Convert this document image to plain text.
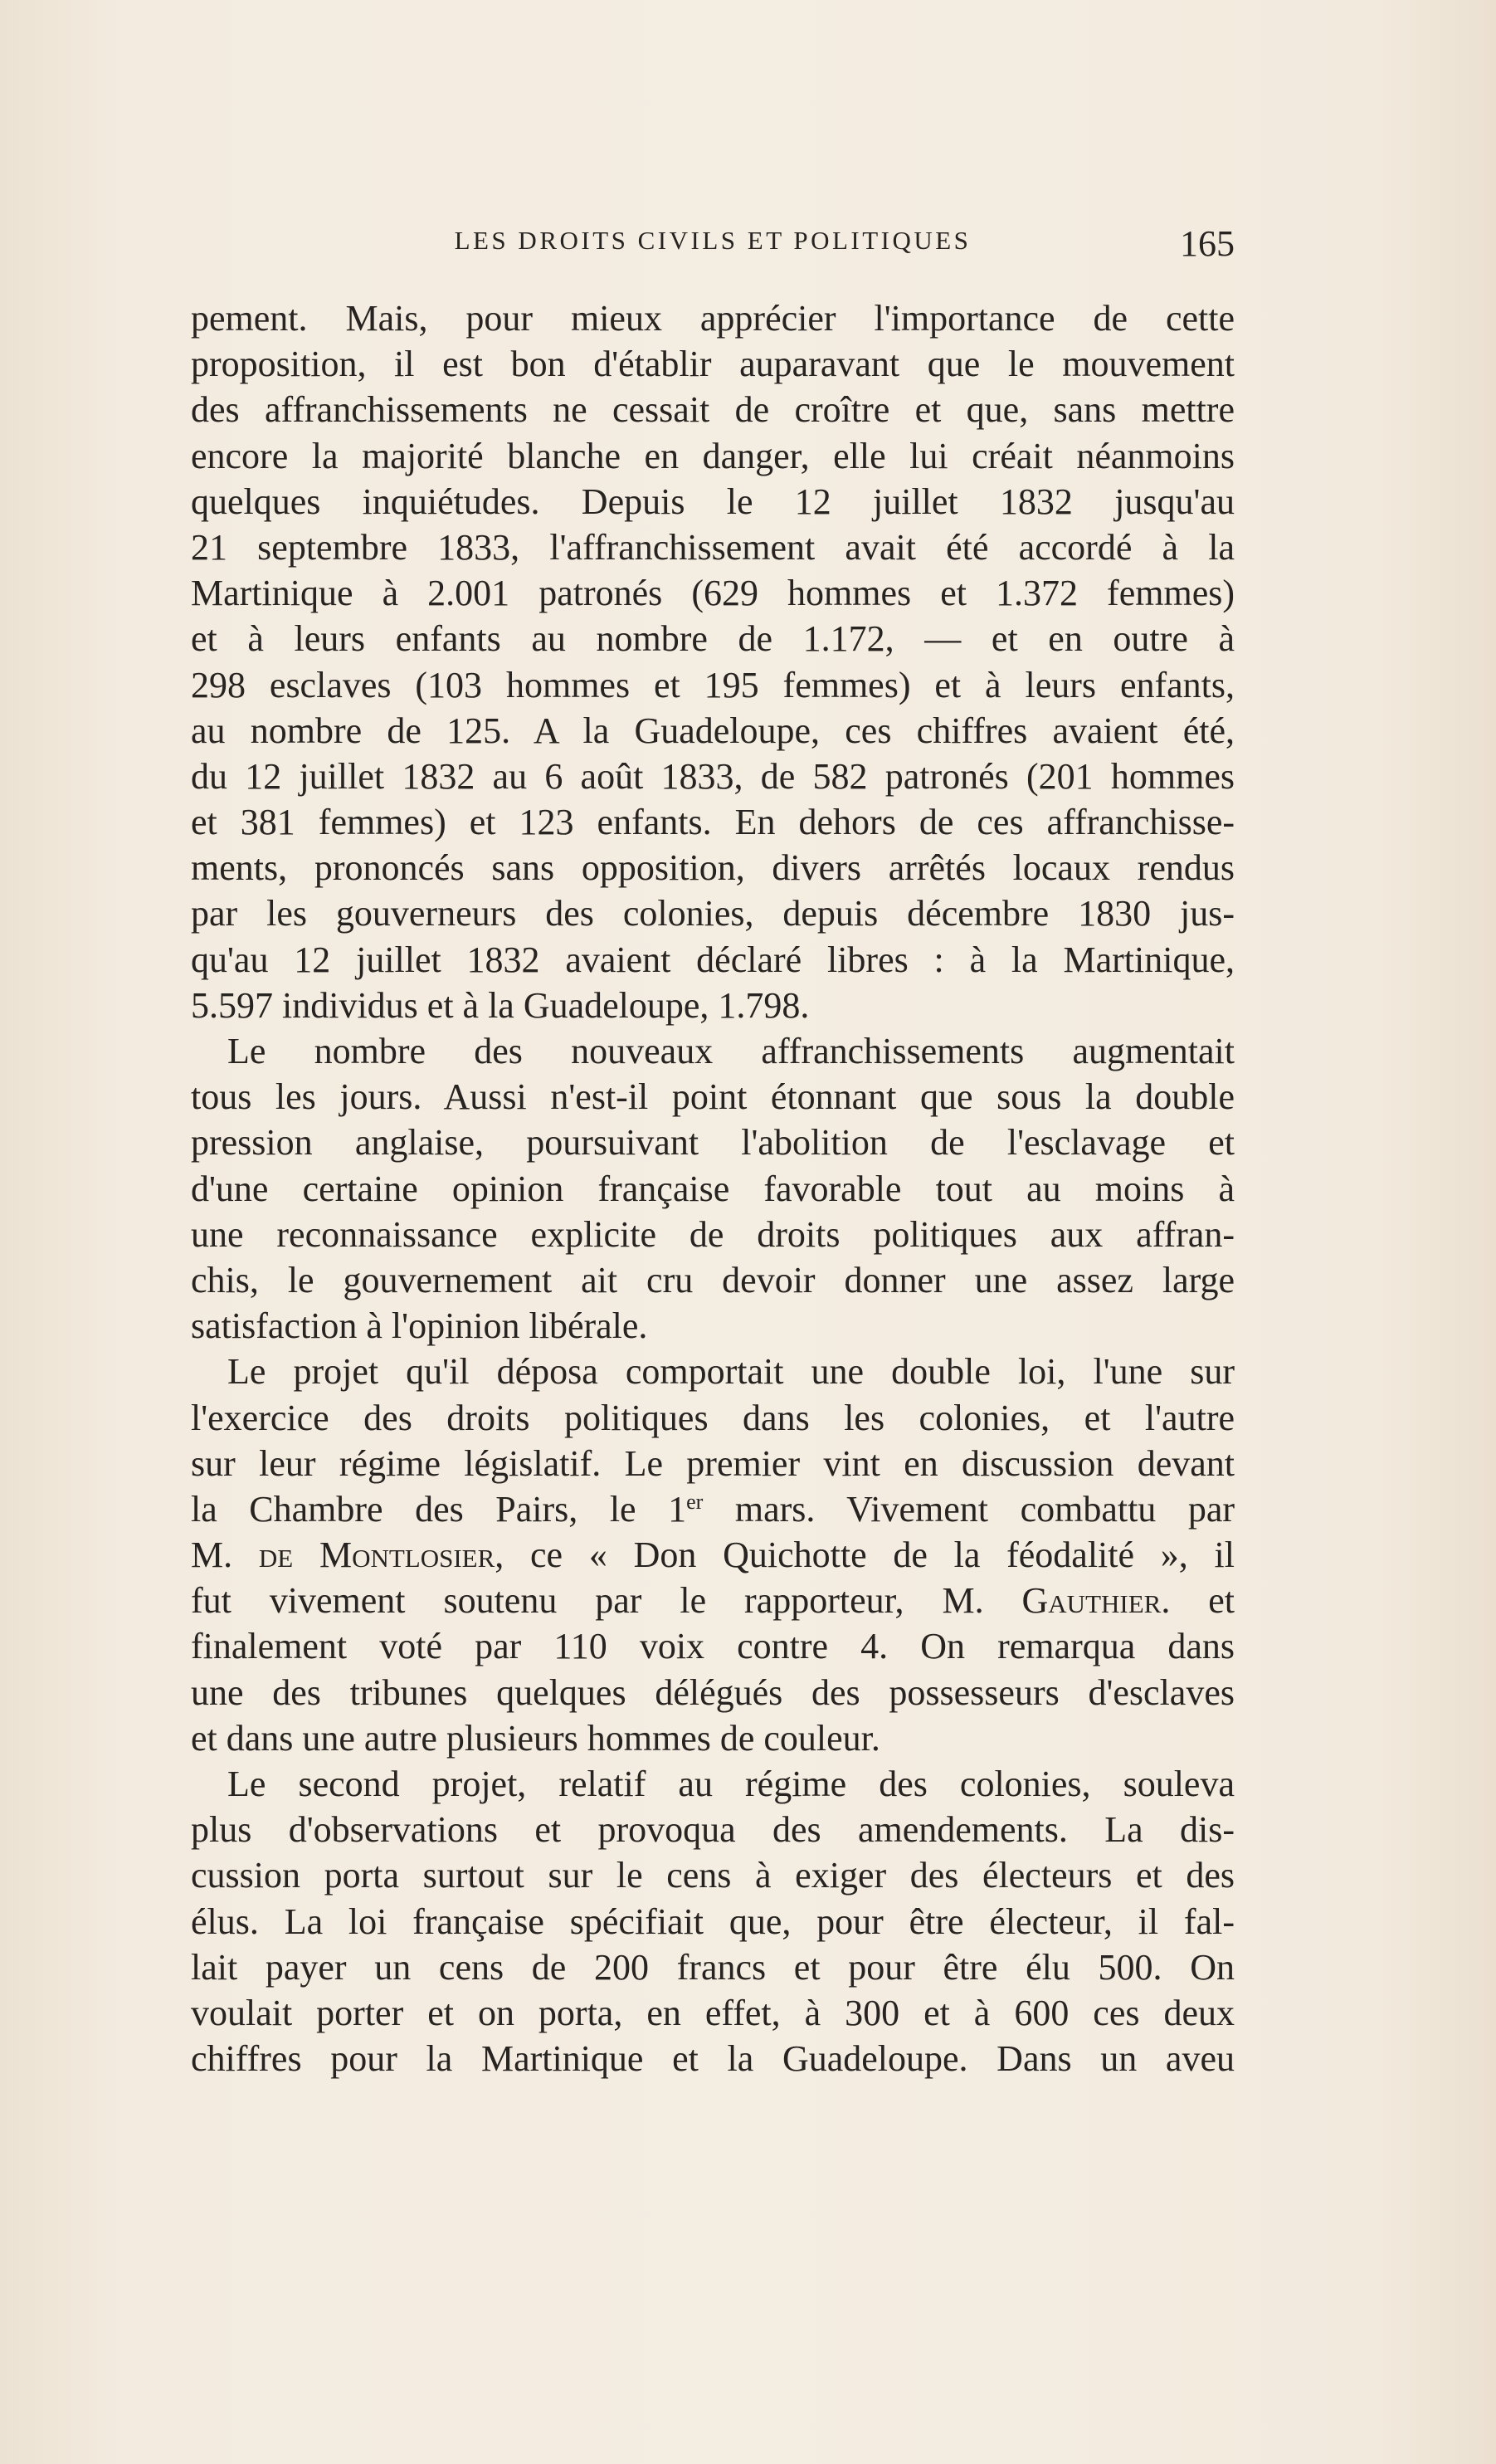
LES DROITS CIVILS ET POLITIQUES	165
pement. Mais, pour mieux apprécier l'importance de cette
proposition, il est bon d'établir auparavant que le mouvement
des affranchissements ne cessait de croître et que, sans mettre
encore la majorité blanche en danger, elle lui créait néanmoins
quelques inquiétudes. Depuis le 12 juillet 1832 jusqu'au
21 septembre 1833, l'affranchissement avait été accordé à la
Martinique à 2.001 patronés (629 hommes et 1.372 femmes)
et à leurs enfants au nombre de 1.172, — et en outre à
298 esclaves (103 hommes et 195 femmes) et à leurs enfants,
au nombre de 125. A la Guadeloupe, ces chiffres avaient été,
du 12 juillet 1832 au 6 août 1833, de 582 patronés (201 hommes
et 381 femmes) et 123 enfants. En dehors de ces affranchisse-
ments, prononcés sans opposition, divers arrêtés locaux rendus
par les gouverneurs des colonies, depuis décembre 1830 jus-
qu'au 12 juillet 1832 avaient déclaré libres : à la Martinique,
5.597 individus et à la Guadeloupe, 1.798.
Le nombre des nouveaux affranchissements augmentait
tous les jours. Aussi n'est-il point étonnant que sous la double
pression anglaise, poursuivant l'abolition de l'esclavage et
d'une certaine opinion française favorable tout au moins à
une reconnaissance explicite de droits politiques aux affran-
chis, le gouvernement ait cru devoir donner une assez large
satisfaction à l'opinion libérale.
Le projet qu'il déposa comportait une double loi, l'une sur
l'exercice des droits politiques dans les colonies, et l'autre
sur leur régime législatif. Le premier vint en discussion devant
la Chambre des Pairs, le 1er mars. Vivement combattu par
M. de Montlosier, ce « Don Quichotte de la féodalité », il
fut vivement soutenu par le rapporteur, M. Gauthier. et
finalement voté par 110 voix contre 4. On remarqua dans
une des tribunes quelques délégués des possesseurs d'esclaves
et dans une autre plusieurs hommes de couleur.
Le second projet, relatif au régime des colonies, souleva
plus d'observations et provoqua des amendements. La dis-
cussion porta surtout sur le cens à exiger des électeurs et des
élus. La loi française spécifiait que, pour être électeur, il fal-
lait payer un cens de 200 francs et pour être élu 500. On
voulait porter et on porta, en effet, à 300 et à 600 ces deux
chiffres pour la Martinique et la Guadeloupe. Dans un aveu
